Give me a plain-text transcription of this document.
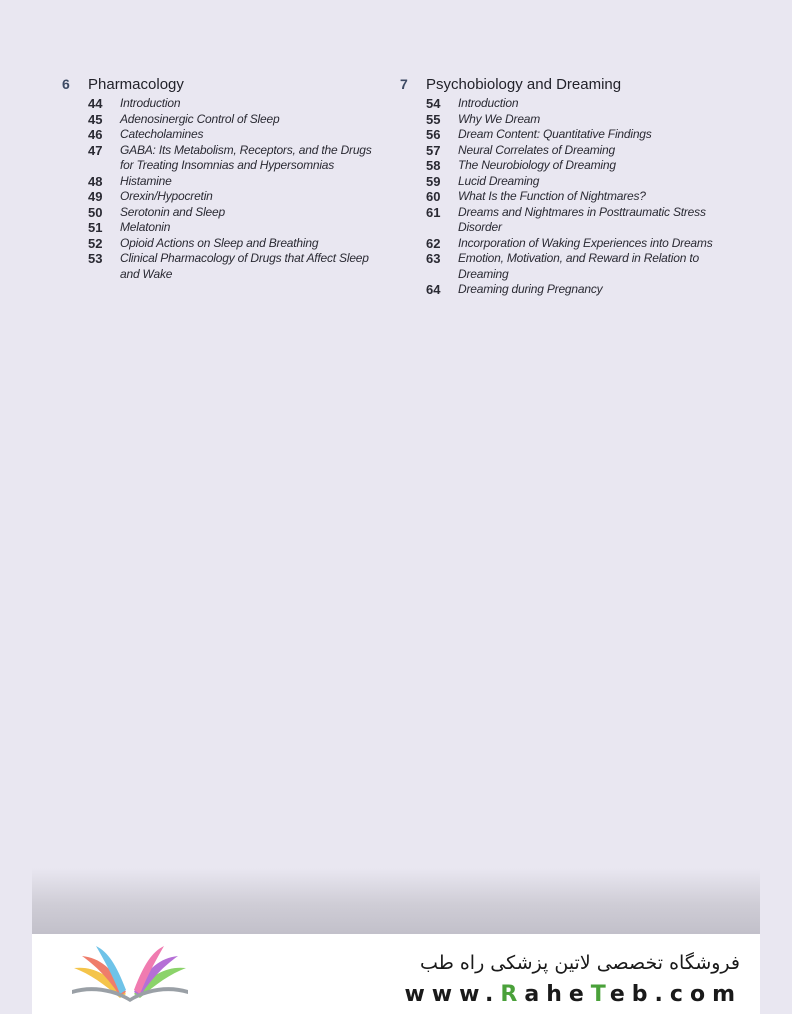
6	Pharmacology
44	Introduction
45	Adenosinergic Control of Sleep
46	Catecholamines
47	GABA: Its Metabolism, Receptors, and the Drugs for Treating Insomnias and Hypersomnias
48	Histamine
49	Orexin/Hypocretin
50	Serotonin and Sleep
51	Melatonin
52	Opioid Actions on Sleep and Breathing
53	Clinical Pharmacology of Drugs that Affect Sleep and Wake
7	Psychobiology and Dreaming
54	Introduction
55	Why We Dream
56	Dream Content: Quantitative Findings
57	Neural Correlates of Dreaming
58	The Neurobiology of Dreaming
59	Lucid Dreaming
60	What Is the Function of Nightmares?
61	Dreams and Nightmares in Posttraumatic Stress Disorder
62	Incorporation of Waking Experiences into Dreams
63	Emotion, Motivation, and Reward in Relation to Dreaming
64	Dreaming during Pregnancy
فروشگاه تخصصی لاتین پزشکی راه طب
www.RaheTeb.com
